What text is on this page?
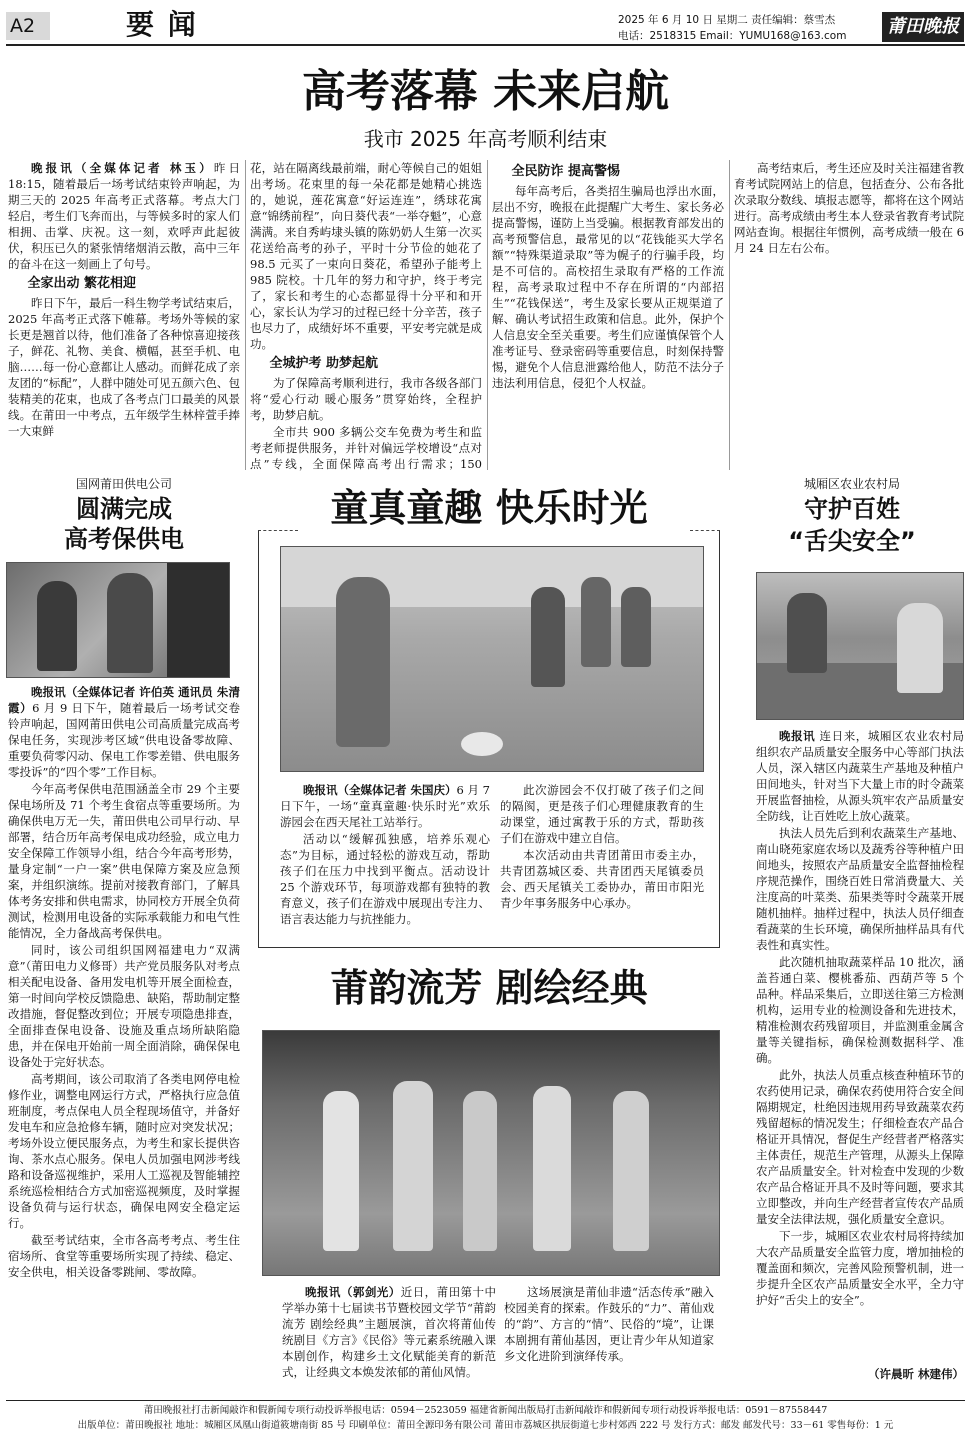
A2	要 闻	2025 年 6 月 10 日 星期二 责任编辑：蔡雪杰
电话：2518315 Email：YUMU168@163.com 莆田晚报
高考落幕 未来启航
我市 2025 年高考顺利结束

晚报讯（全媒体记者 林玉）昨日 18:15，随着最后一场考试结束铃声响起，为期三天的 2025 年高考正式落幕。考点大门轻启，考生们飞奔而出，与等候多时的家人们相拥、击掌、庆祝。这一刻，欢呼声此起彼伏，积压已久的紧张情绪烟消云散，高中三年的奋斗在这一刻画上了句号。

全家出动 繁花相迎

昨日下午，最后一科生物学考试结束后，2025 年高考正式落下帷幕。考场外等候的家长更是翘首以待，他们准备了各种惊喜迎接孩子，鲜花、礼物、美食、横幅，甚至手机、电脑……每一份心意都让人感动。而鲜花成了亲友团的“标配”，人群中随处可见五颜六色、包装精美的花束，也成了各考点门口最美的风景线。在莆田一中考点，五年级学生林梓萱手捧一大束鲜

花，站在隔离线最前端，耐心等候自己的姐姐出考场。花束里的每一朵花都是她精心挑选的，她说，莲花寓意“好运连连”，绣球花寓意“锦绣前程”，向日葵代表“一举夺魁”，心意满满。来自秀屿埭头镇的陈奶奶人生第一次买花送给高考的孙子，平时十分节俭的她花了 98.5 元买了一束向日葵花，希望孙子能考上 985 院校。十几年的努力和守护，终于考完了，家长和考生的心态都显得十分平和和开心，家长认为学习的过程已经十分辛苦，孩子也尽力了，成绩好坏不重要，平安考完就是成功。

全城护考 助梦起航

为了保障高考顺利进行，我市各级各部门将“爱心行动 暖心服务”贯穿始终，全程护考，助梦启航。

全市共 900 多辆公交车免费为考生和监考老师提供服务，并针对偏远学校增设“点对点”专线，全面保障高考出行需求；150

全民防诈 提高警惕

每年高考后，各类招生骗局也浮出水面，层出不穷，晚报在此提醒广大考生、家长务必提高警惕，谨防上当受骗。根据教育部发出的高考预警信息，最常见的以“花钱能买大学名额”“特殊渠道录取”等为幌子的行骗手段，均是不可信的。高校招生录取有严格的工作流程，高考录取过程中不存在所谓的“内部招生”“花钱保送”，考生及家长要从正规渠道了解、确认考试招生政策和信息。此外，保护个人信息安全至关重要。考生们应谨慎保管个人准考证号、登录密码等重要信息，时刻保持警惕，避免个人信息泄露给他人，防范不法分子违法利用信息，侵犯个人权益。

高考结束后，考生还应及时关注福建省教育考试院网站上的信息，包括查分、公布各批次录取分数线、填报志愿等，都将在这个网站进行。高考成绩由考生本人登录省教育考试院网站查询。根据往年惯例，高考成绩一般在 6 月 24 日左右公布。

国网莆田供电公司
圆满完成
高考保供电

晚报讯（全媒体记者 许伯英 通讯员 朱清霞）6 月 9 日下午，随着最后一场考试交卷铃声响起，国网莆田供电公司高质量完成高考保电任务，实现涉考区域“供电设备零故障、重要负荷零闪动、保电工作零差错、供电服务零投诉”的“四个零”工作目标。

今年高考保供电范围涵盖全市 29 个主要保电场所及 71 个考生食宿点等重要场所。为确保供电万无一失，莆田供电公司早行动、早部署，结合历年高考保电成功经验，成立电力安全保障工作领导小组，结合今年高考形势，量身定制“一户一案”供电保障方案及应急预案，并组织演练。提前对接教育部门，了解具体考务安排和供电需求，协同校方开展全负荷测试，检测用电设备的实际承载能力和电气性能情况，全力备战高考保供电。

同时，该公司组织国网福建电力“双满意”（莆田电力义修哥）共产党员服务队对考点相关配电设备、备用发电机等开展全面检查，第一时间向学校反馈隐患、缺陷，帮助制定整改措施，督促整改到位；开展专项隐患排查，全面排查保电设备、设施及重点场所缺陷隐患，并在保电开始前一周全面消除，确保保电设备处于完好状态。

高考期间，该公司取消了各类电网停电检修作业，调整电网运行方式，严格执行应急值班制度，考点保电人员全程现场值守，并备好发电车和应急抢修车辆，随时应对突发状况；考场外设立便民服务点，为考生和家长提供咨询、茶水点心服务。保电人员加强电网涉考线路和设备巡视维护，采用人工巡视及智能辅控系统巡检相结合方式加密巡视频度，及时掌握设备负荷与运行状态，确保电网安全稳定运行。

截至考试结束，全市各高考考点、考生住宿场所、食堂等重要场所实现了持续、稳定、安全供电，相关设备零跳闸、零故障。

童真童趣 快乐时光

晚报讯（全媒体记者 朱国庆）6 月 7 日下午，一场“童真童趣·快乐时光”欢乐游园会在西天尾社工站举行。

活动以“缓解孤独感，培养乐观心态”为目标，通过轻松的游戏互动，帮助孩子们在压力中找到平衡点。活动设计 25 个游戏环节，每项游戏都有独特的教育意义，孩子们在游戏中展现出专注力、语言表达能力与抗挫能力。

此次游园会不仅打破了孩子们之间的隔阂，更是孩子们心理健康教育的生动课堂，通过寓教于乐的方式，帮助孩子们在游戏中建立自信。

本次活动由共青团莆田市委主办，共青团荔城区委、共青团西天尾镇委员会、西天尾镇关工委协办，莆田市阳光青少年事务服务中心承办。

莆韵流芳 剧绘经典

晚报讯（郭剑光）近日，莆田第十中学举办第十七届读书节暨校园文学节“莆韵流芳 剧绘经典”主题展演，首次将莆仙传统剧目《方言》《民俗》等元素系统融入课本剧创作，构建乡土文化赋能美育的新范式，让经典文本焕发浓郁的莆仙风情。

这场展演是莆仙非遗“活态传承”融入校园美育的探索。作鼓乐的“力”、莆仙戏的“韵”、方言的“情”、民俗的“境”，让课本剧拥有莆仙基因，更让青少年从知道家乡文化进阶到演绎传承。

城厢区农业农村局
守护百姓
“舌尖安全”

晚报讯 连日来，城厢区农业农村局组织农产品质量安全服务中心等部门执法人员，深入辖区内蔬菜生产基地及种植户田间地头，针对当下大量上市的时令蔬菜开展监督抽检，从源头筑牢农产品质量安全防线，让百姓吃上放心蔬菜。

执法人员先后到利农蔬菜生产基地、南山晓苑家庭农场以及蔬秀谷等种植户田间地头，按照农产品质量安全监督抽检程序规范操作，围绕百姓日常消费量大、关注度高的叶菜类、茄果类等时令蔬菜开展随机抽样。抽样过程中，执法人员仔细查看蔬菜的生长环境，确保所抽样品具有代表性和真实性。

此次随机抽取蔬菜样品 10 批次，涵盖苔通白菜、樱桃番茄、西葫芦等 5 个品种。样品采集后，立即送往第三方检测机构，运用专业的检测设备和先进技术，精准检测农药残留项目，并监测重金属含量等关键指标，确保检测数据科学、准确。

此外，执法人员重点核查种植环节的农药使用记录，确保农药使用符合安全间隔期规定，杜绝因违规用药导致蔬菜农药残留超标的情况发生；仔细检查农产品合格证开具情况，督促生产经营者严格落实主体责任，规范生产管理，从源头上保障农产品质量安全。针对检查中发现的少数农产品合格证开具不及时等问题，要求其立即整改，并向生产经营者宣传农产品质量安全法律法规，强化质量安全意识。

下一步，城厢区农业农村局将持续加大农产品质量安全监管力度，增加抽检的覆盖面和频次，完善风险预警机制，进一步提升全区农产品质量安全水平，全力守护好“舌尖上的安全”。

（许晨昕 林建伟）
莆田晚报社打击新闻敲诈和假新闻专项行动投诉举报电话：0594－2523059 福建省新闻出版局打击新闻敲诈和假新闻专项行动投诉举报电话：0591－87558447
出版单位：莆田晚报社 地址：城厢区凤凰山街道筱塘南街 85 号 印刷单位：莆田全源印务有限公司 莆田市荔城区拱辰街道七步村郊西 222 号 发行方式：邮发 邮发代号：33－61 零售每份：1 元
